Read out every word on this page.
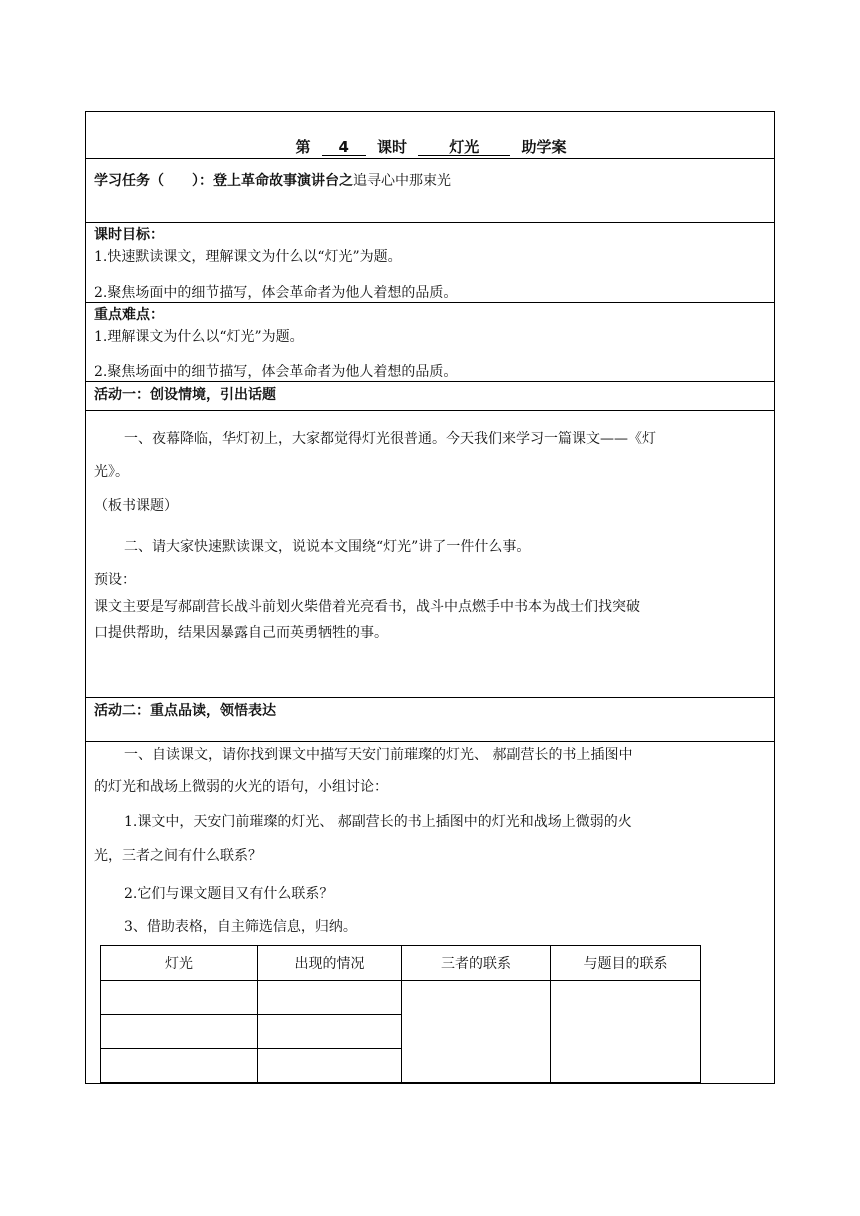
第 4 课时	灯光	助学案
学习任务（　　）：登上革命故事演讲台之追寻心中那束光
课时目标：
1.快速默读课文，理解课文为什么以“灯光”为题。
2.聚焦场面中的细节描写，体会革命者为他人着想的品质。
重点难点：
1.理解课文为什么以“灯光”为题。
2.聚焦场面中的细节描写，体会革命者为他人着想的品质。
活动一：创设情境，引出话题
一、夜幕降临，华灯初上，大家都觉得灯光很普通。今天我们来学习一篇课文——《灯
光》。
（板书课题）
二、请大家快速默读课文，说说本文围绕“灯光”讲了一件什么事。
预设：
课文主要是写郝副营长战斗前划火柴借着光亮看书，战斗中点燃手中书本为战士们找突破
口提供帮助，结果因暴露自己而英勇牺牲的事。
活动二：重点品读，领悟表达
一、自读课文，请你找到课文中描写天安门前璀璨的灯光、 郝副营长的书上插图中
的灯光和战场上微弱的火光的语句，小组讨论：
1.课文中，天安门前璀璨的灯光、 郝副营长的书上插图中的灯光和战场上微弱的火
光，三者之间有什么联系？
2.它们与课文题目又有什么联系？
3、借助表格，自主筛选信息，归纳。
灯光	出现的情况	三者的联系	与题目的联系
